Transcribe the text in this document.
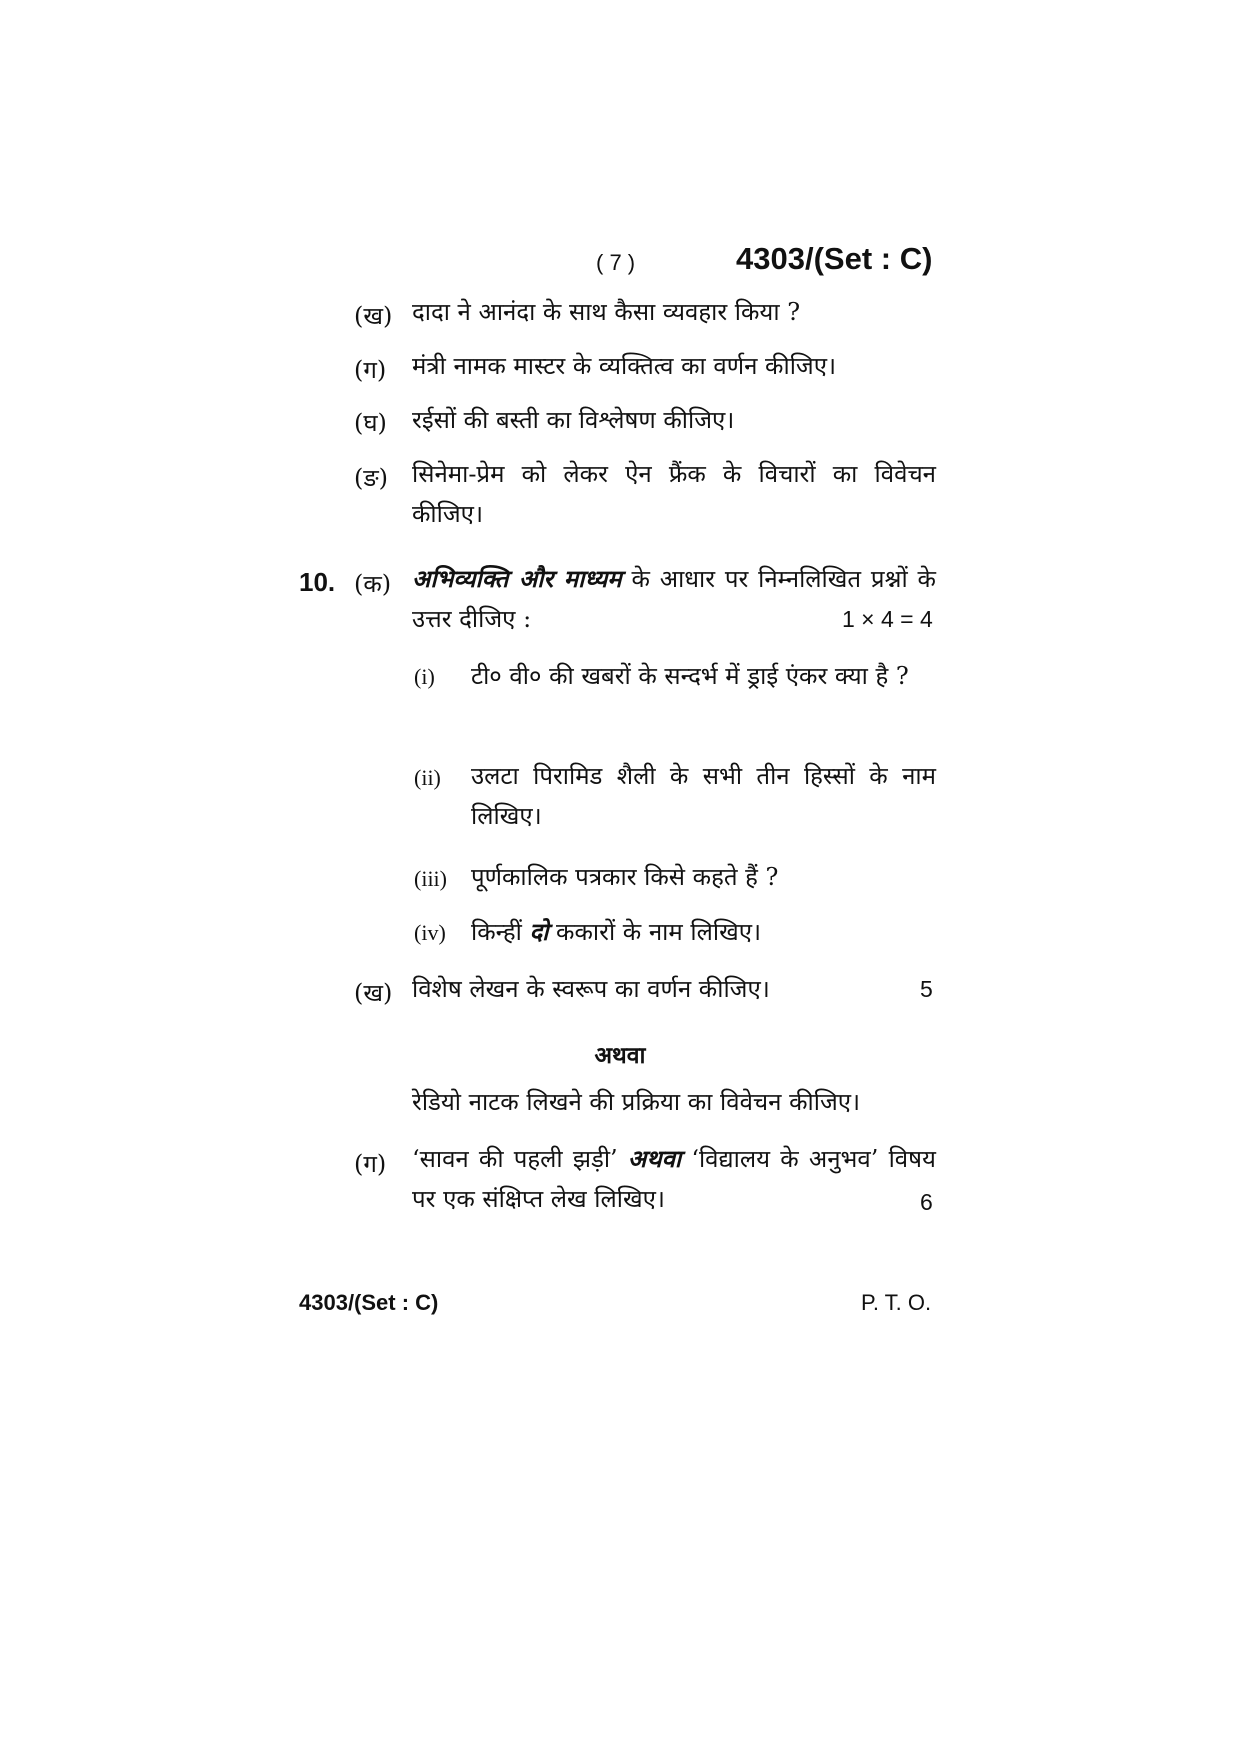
( 7 )	4303/(Set : C)
(ख) दादा ने आनंदा के साथ कैसा व्यवहार किया ?
(ग) मंत्री नामक मास्टर के व्यक्तित्व का वर्णन कीजिए।
(घ) रईसों की बस्ती का विश्लेषण कीजिए।
(ङ) सिनेमा-प्रेम को लेकर ऐन फ्रैंक के विचारों का विवेचन कीजिए।
10. (क) अभिव्यक्ति और माध्यम के आधार पर निम्नलिखित प्रश्नों के उत्तर दीजिए :	1 × 4 = 4
(i) टी० वी० की खबरों के सन्दर्भ में ड्राई एंकर क्या है ?
(ii) उलटा पिरामिड शैली के सभी तीन हिस्सों के नाम लिखिए।
(iii) पूर्णकालिक पत्रकार किसे कहते हैं ?
(iv) किन्हीं दो ककारों के नाम लिखिए।
(ख) विशेष लेखन के स्वरूप का वर्णन कीजिए।	5
अथवा
रेडियो नाटक लिखने की प्रक्रिया का विवेचन कीजिए।
(ग) ‘सावन की पहली झड़ी’ अथवा ‘विद्यालय के अनुभव’ विषय पर एक संक्षिप्त लेख लिखिए।	6
4303/(Set : C)	P. T. O.
